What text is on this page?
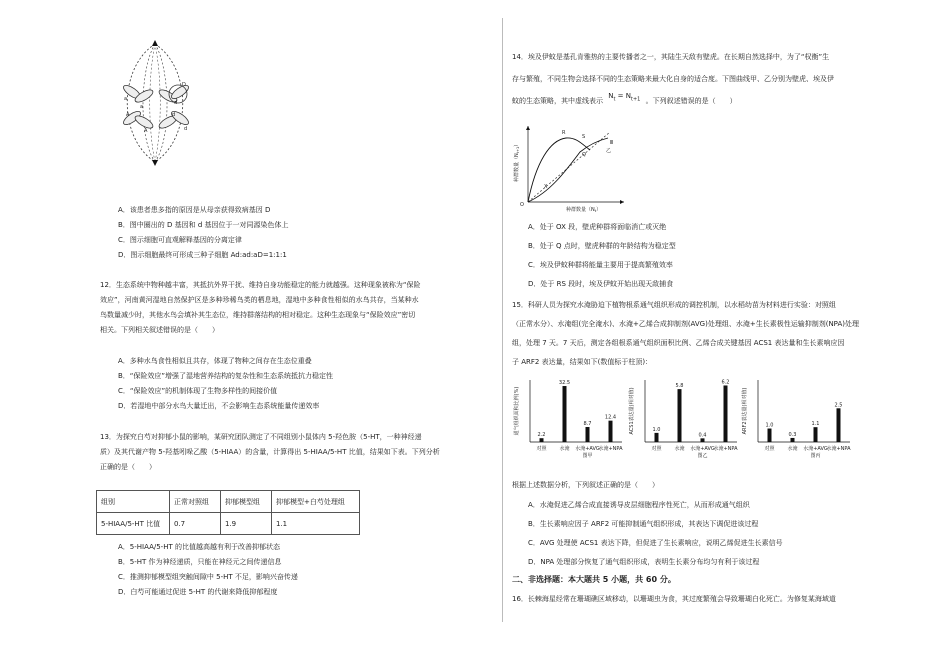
a
a
D
d
A
A
d
d
A．该患者患多指的原因是从母亲获得致病基因 D
B．图中圈出的 D 基因和 d 基因位于一对同源染色体上
C．图示细胞可直观解释基因的分离定律
D．图示细胞最终可形成三种子细胞 Ad:ad:aD=1:1:1
12．生态系统中物种越丰富，其抵抗外界干扰、维持自身功能稳定的能力就越强。这种现象被称为“保险
效应”，河南黄河湿地自然保护区是多种珍稀鸟类的栖息地，湿地中多种食性相似的水鸟共存，当某种水
鸟数量减少时，其他水鸟会填补其生态位，维持群落结构的相对稳定。这种生态现象与“保险效应”密切
相关。下列相关叙述错误的是（　　）
A．多种水鸟食性相似且共存，体现了物种之间存在生态位重叠
B．“保险效应”增强了湿地营养结构的复杂性和生态系统抵抗力稳定性
C．“保险效应”的机制体现了生物多样性的间接价值
D．若湿地中部分水鸟大量迁出，不会影响生态系统能量传递效率
13．为探究白芍对抑郁小鼠的影响，某研究团队测定了不同组别小鼠体内 5-羟色胺（5-HT，一种神经递
质）及其代谢产物 5-羟基吲哚乙酸（5-HIAA）的含量，计算得出 5-HIAA/5-HT 比值，结果如下表。下列分析
正确的是（　　）
组别	正常对照组	抑郁模型组	抑郁模型+白芍处理组
5-HIAA/5-HT 比值	0.7	1.9	1.1
A．5-HIAA/5-HT 的比值越高越有利于改善抑郁状态
B．5-HT 作为神经递质，只能在神经元之间传递信息
C．推测抑郁模型组突触间隙中 5-HT 不足，影响兴奋传递
D．白芍可能通过促进 5-HT 的代谢来降低抑郁程度
14．埃及伊蚊是基孔肯雅热的主要传播者之一，其陆生天敌有壁虎。在长期自然选择中，为了“权衡”生
存与繁殖，不同生物会选择不同的生态策略来最大化自身的适合度。下图曲线甲、乙分别为壁虎、埃及伊
蚊的生态策略，其中虚线表示 $N_t = N_{t+1}$ 。下列叙述错误的是（　　）
R
S
Q
X
O
Ⅲ
乙
种群数量$(N_t)$
种群数量$(N_{t+1})$
A．处于 OX 段，壁虎种群将面临消亡或灭绝
B．处于 Q 点时，壁虎种群的年龄结构为稳定型
C．埃及伊蚊种群将能量主要用于提高繁殖效率
D．处于 RS 段时，埃及伊蚊开始出现天敌捕食
15．科研人员为探究水淹胁迫下植物根系通气组织形成的调控机制，以水稻幼苗为材料进行实验：对照组
（正常水分）、水淹组(完全淹水)、水淹+乙烯合成抑制剂(AVG)处理组、水淹+生长素极性运输抑制剂(NPA)处理
组，处理 7 天。7 天后，测定各组根系通气组织面积比例、乙烯合成关键基因 ACS1 表达量和生长素响应因
子 ARF2 表达量，结果如下(数值标于柱顶)：
通气组织面积比例(%)	2.2
对照
32.5
水淹
8.7
水淹+AVG
12.4
水淹+NPA
图甲
ACS1表达量(相对值)	1.0
对照
5.8
水淹
0.4
水淹+AVG
6.2
水淹+NPA
图乙
ARF2表达量(相对值)	1.0
对照
0.3
水淹
1.1
水淹+AVG
2.5
水淹+NPA
图丙
根据上述数据分析，下列叙述正确的是（　　）
A．水淹促进乙烯合成直接诱导皮层细胞程序性死亡，从而形成通气组织
B．生长素响应因子 ARF2 可能抑制通气组织形成，其表达下调促进该过程
C．AVG 处理使 ACS1 表达下降，但促进了生长素响应，说明乙烯促进生长素信号
D．NPA 处理部分恢复了通气组织形成，表明生长素分布均匀有利于该过程
二、非选择题：本大题共 5 小题，共 60 分。
16．长棘海星经常在珊瑚礁区域移动，以珊瑚虫为食，其过度繁殖会导致珊瑚白化死亡。为修复某海域道
